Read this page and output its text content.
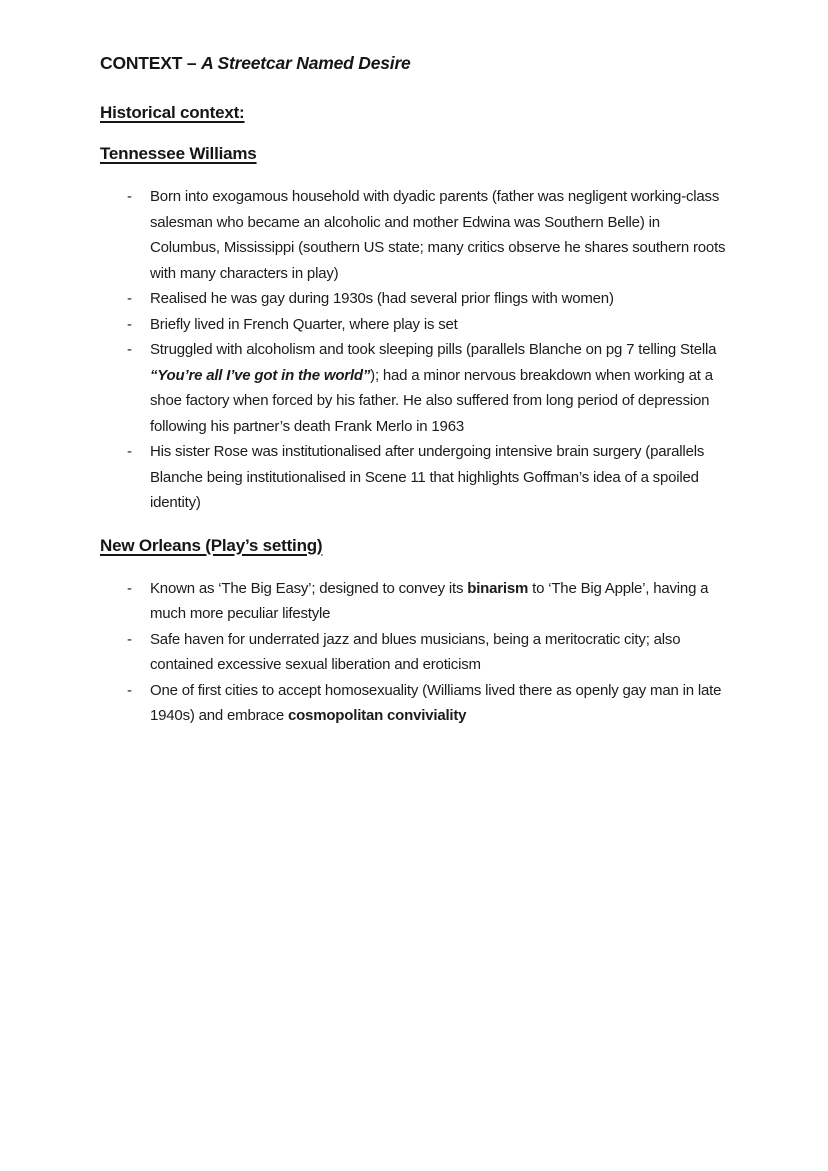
CONTEXT – A Streetcar Named Desire
Historical context:
Tennessee Williams
- Born into exogamous household with dyadic parents (father was negligent working-class salesman who became an alcoholic and mother Edwina was Southern Belle) in Columbus, Mississippi (southern US state; many critics observe he shares southern roots with many characters in play)
- Realised he was gay during 1930s (had several prior flings with women)
- Briefly lived in French Quarter, where play is set
- Struggled with alcoholism and took sleeping pills (parallels Blanche on pg 7 telling Stella “You’re all I’ve got in the world”); had a minor nervous breakdown when working at a shoe factory when forced by his father. He also suffered from long period of depression following his partner’s death Frank Merlo in 1963
- His sister Rose was institutionalised after undergoing intensive brain surgery (parallels Blanche being institutionalised in Scene 11 that highlights Goffman’s idea of a spoiled identity)
New Orleans (Play’s setting)
- Known as ‘The Big Easy’; designed to convey its binarism to ‘The Big Apple’, having a much more peculiar lifestyle
- Safe haven for underrated jazz and blues musicians, being a meritocratic city; also contained excessive sexual liberation and eroticism
- One of first cities to accept homosexuality (Williams lived there as openly gay man in late 1940s) and embrace cosmopolitan conviviality
